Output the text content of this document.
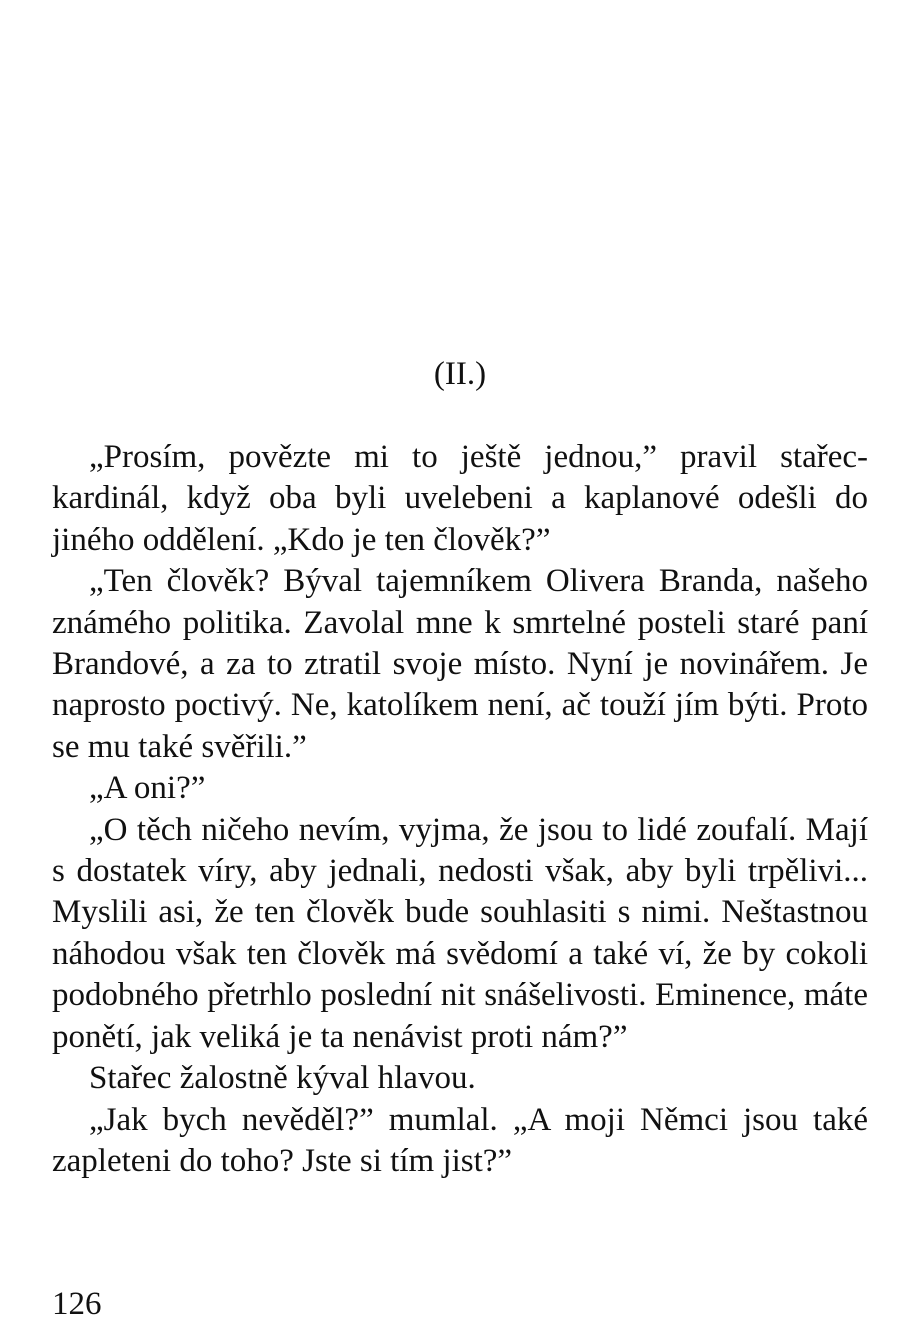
(II.)

„Prosím, povězte mi to ještě jednou,” pravil stařec-kardinál, když oba byli uvelebeni a kaplanové odešli do jiného oddělení. „Kdo je ten člověk?”

„Ten člověk? Býval tajemníkem Olivera Branda, našeho známého politika. Zavolal mne k smrtelné posteli staré paní Brandové, a za to ztratil svoje místo. Nyní je novinářem. Je naprosto poctivý. Ne, katolíkem není, ač touží jím býti. Proto se mu také svěřili.”

„A oni?”

„O těch ničeho nevím, vyjma, že jsou to lidé zoufalí. Mají s dostatek víry, aby jednali, nedosti však, aby byli trpělivi... Myslili asi, že ten člověk bude souhlasiti s nimi. Neštastnou náhodou však ten člověk má svědomí a také ví, že by cokoli podobného přetrhlo poslední nit snášelivosti. Eminence, máte ponětí, jak veliká je ta nenávist proti nám?”

Stařec žalostně kýval hlavou.

„Jak bych nevěděl?” mumlal. „A moji Němci jsou také zapleteni do toho? Jste si tím jist?”

126
